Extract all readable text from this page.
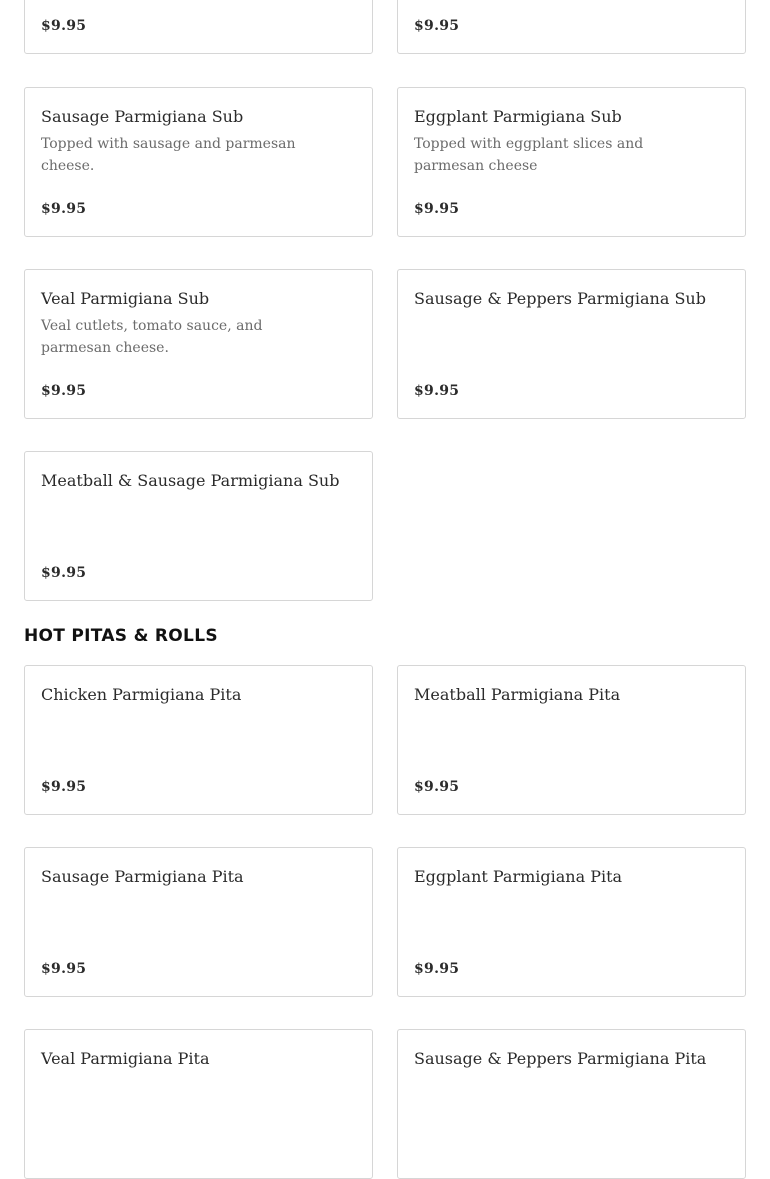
$9.95	$9.95
Sausage Parmigiana Sub
Topped with sausage and parmesan cheese.
$9.95
Eggplant Parmigiana Sub
Topped with eggplant slices and parmesan cheese
$9.95
Veal Parmigiana Sub
Veal cutlets, tomato sauce, and parmesan cheese.
$9.95
Sausage & Peppers Parmigiana Sub
$9.95
Meatball & Sausage Parmigiana Sub
$9.95
HOT PITAS & ROLLS
Chicken Parmigiana Pita
$9.95
Meatball Parmigiana Pita
$9.95
Sausage Parmigiana Pita
$9.95
Eggplant Parmigiana Pita
$9.95
Veal Parmigiana Pita	Sausage & Peppers Parmigiana Pita
